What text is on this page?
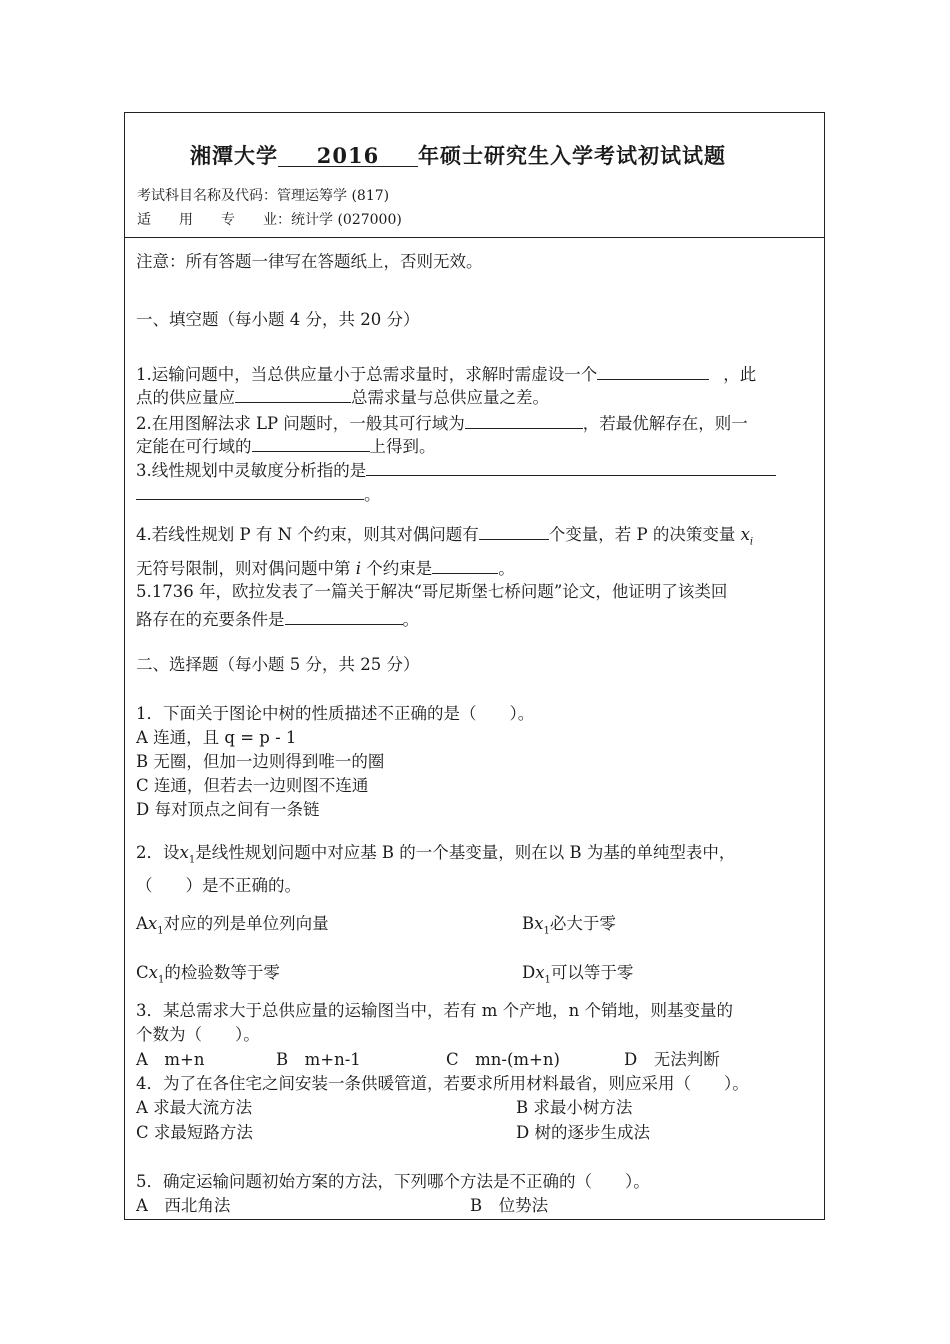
湘潭大学 2016 年硕士研究生入学考试初试试题
考试科目名称及代码：管理运筹学 (817)
适　　用　　专　　业：统计学 (027000)
注意：所有答题一律写在答题纸上，否则无效。
一、填空题（每小题 4 分，共 20 分）
1.运输问题中，当总供应量小于总需求量时，求解时需虚设一个	，此
点的供应量应	总需求量与总供应量之差。
2.在用图解法求 LP 问题时，一般其可行域为	，若最优解存在，则一
定能在可行域的	上得到。
3.线性规划中灵敏度分析指的是
。
4.若线性规划 P 有 N 个约束，则其对偶问题有	个变量，若 P 的决策变量 $x_i$
无符号限制，则对偶问题中第 i 个约束是	。
5.1736 年，欧拉发表了一篇关于解决“哥尼斯堡七桥问题”论文，他证明了该类回
路存在的充要条件是	。
二、选择题（每小题 5 分，共 25 分）
1．下面关于图论中树的性质描述不正确的是（　　）。
A 连通，且 q = p - 1
B 无圈，但加一边则得到唯一的圈
C 连通，但若去一边则图不连通
D 每对顶点之间有一条链
2．设$x_1$是线性规划问题中对应基 B 的一个基变量，则在以 B 为基的单纯型表中，
（　　）是不正确的。
$Ax_1$对应的列是单位列向量	$Bx_1$必大于零
$Cx_1$的检验数等于零	$Dx_1$可以等于零
3．某总需求大于总供应量的运输图当中，若有 m 个产地，n 个销地，则基变量的
个数为（　　）。
A　m+n	B　m+n-1	C　mn-(m+n)	D　无法判断
4．为了在各住宅之间安装一条供暖管道，若要求所用材料最省，则应采用（　　）。
A 求最大流方法	B 求最小树方法
C 求最短路方法	D 树的逐步生成法
5．确定运输问题初始方案的方法，下列哪个方法是不正确的（　　）。
A　西北角法	B　位势法
